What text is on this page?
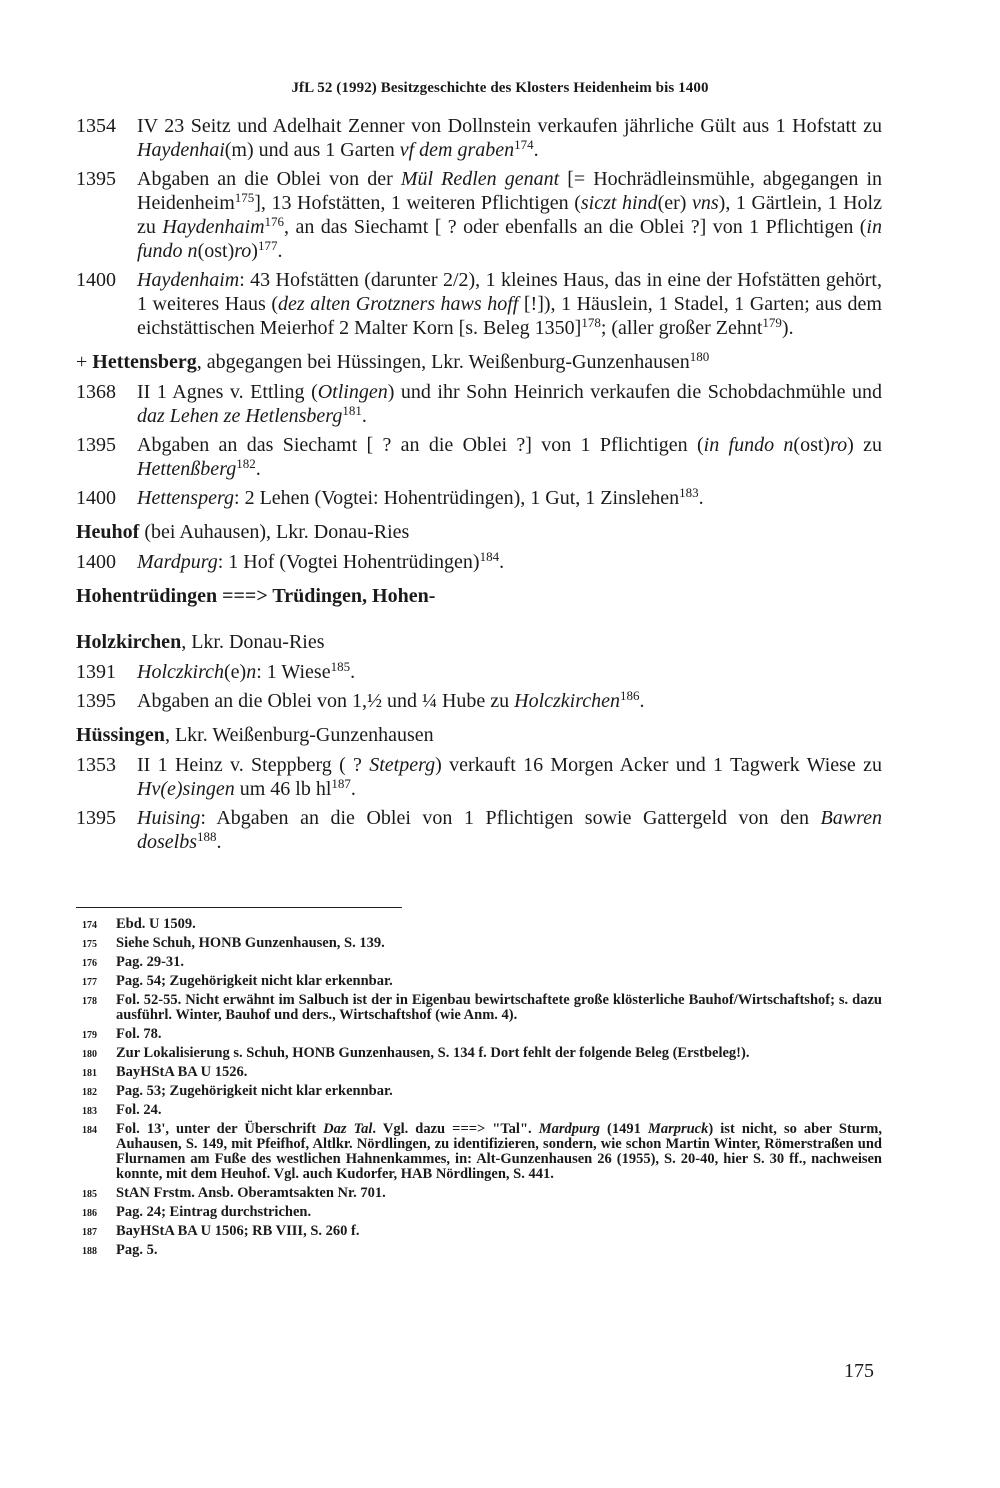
JfL 52 (1992) Besitzgeschichte des Klosters Heidenheim bis 1400

1354 IV 23 Seitz und Adelhait Zenner von Dollnstein verkaufen jährliche Gült aus 1 Hofstatt zu Haydenhai(m) und aus 1 Garten vf dem graben$^{174}$.

1395 Abgaben an die Oblei von der Mül Redlen genant [= Hochrädleinsmühle, abgegangen in Heidenheim$^{175}$], 13 Hofstätten, 1 weiteren Pflichtigen (siczt hind(er) vns), 1 Gärtlein, 1 Holz zu Haydenhaim$^{176}$, an das Siechamt [ ? oder ebenfalls an die Oblei ?] von 1 Pflichtigen (in fundo n(ost)ro)$^{177}$.

1400 Haydenhaim: 43 Hofstätten (darunter 2/2), 1 kleines Haus, das in eine der Hofstätten gehört, 1 weiteres Haus (dez alten Grotzners haws hoff [!]), 1 Häuslein, 1 Stadel, 1 Garten; aus dem eichstättischen Meierhof 2 Malter Korn [s. Beleg 1350]$^{178}$; (aller großer Zehnt$^{179}$).

+ Hettensberg, abgegangen bei Hüssingen, Lkr. Weißenburg-Gunzenhausen$^{180}$

1368 II 1 Agnes v. Ettling (Otlingen) und ihr Sohn Heinrich verkaufen die Schobdachmühle und daz Lehen ze Hetlensberg$^{181}$.

1395 Abgaben an das Siechamt [ ? an die Oblei ?] von 1 Pflichtigen (in fundo n(ost)ro) zu Hettenßberg$^{182}$.

1400 Hettensperg: 2 Lehen (Vogtei: Hohentrüdingen), 1 Gut, 1 Zinslehen$^{183}$.

Heuhof (bei Auhausen), Lkr. Donau-Ries

1400 Mardpurg: 1 Hof (Vogtei Hohentrüdingen)$^{184}$.

Hohentrüdingen ===> Trüdingen, Hohen-

Holzkirchen, Lkr. Donau-Ries

1391 Holczkirch(e)n: 1 Wiese$^{185}$.

1395 Abgaben an die Oblei von 1,½ und ¼ Hube zu Holczkirchen$^{186}$.

Hüssingen, Lkr. Weißenburg-Gunzenhausen

1353 II 1 Heinz v. Steppberg ( ? Stetperg) verkauft 16 Morgen Acker und 1 Tagwerk Wiese zu Hv(e)singen um 46 lb $hl^{187}$.

1395 Huising: Abgaben an die Oblei von 1 Pflichtigen sowie Gattergeld von den Bawren doselbs$^{188}$.

174 Ebd. U 1509.

175 Siehe Schuh, HONB Gunzenhausen, S. 139.

176 Pag. 29-31.

177 Pag. 54; Zugehörigkeit nicht klar erkennbar.

178 Fol. 52-55. Nicht erwähnt im Salbuch ist der in Eigenbau bewirtschaftete große klösterliche Bauhof/Wirtschaftshof; s. dazu ausführl. Winter, Bauhof und ders., Wirtschaftshof (wie Anm. 4).

179 Fol. 78.

180 Zur Lokalisierung s. Schuh, HONB Gunzenhausen, S. 134 f. Dort fehlt der folgende Beleg (Erstbeleg!).

181 BayHStA BA U 1526.

182 Pag. 53; Zugehörigkeit nicht klar erkennbar.

183 Fol. 24.

184 Fol. 13', unter der Überschrift Daz Tal. Vgl. dazu ===> "Tal". Mardpurg (1491 Marpruck) ist nicht, so aber Sturm, Auhausen, S. 149, mit Pfeifhof, Altlkr. Nördlingen, zu identifizieren, sondern, wie schon Martin Winter, Römerstraßen und Flurnamen am Fuße des westlichen Hahnenkammes, in: Alt-Gunzenhausen 26 (1955), S. 20-40, hier S. 30 ff., nachweisen konnte, mit dem Heuhof. Vgl. auch Kudorfer, HAB Nördlingen, S. 441.

185 StAN Frstm. Ansb. Oberamtsakten Nr. 701.

186 Pag. 24; Eintrag durchstrichen.

187 BayHStA BA U 1506; RB VIII, S. 260 f.

188 Pag. 5.

175
